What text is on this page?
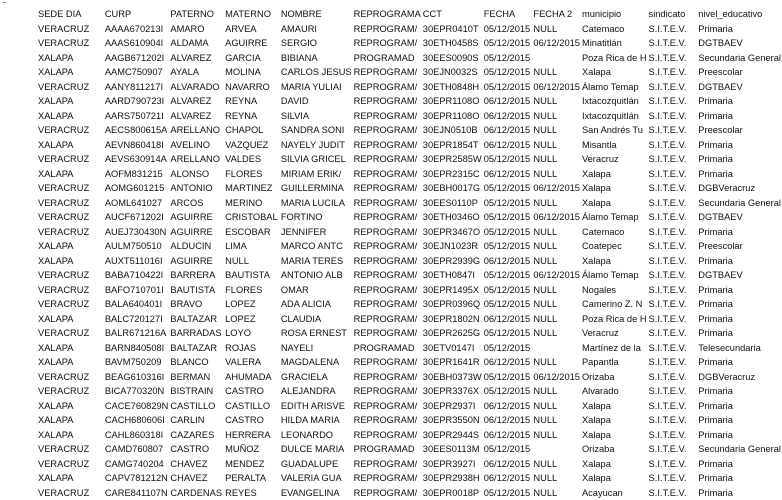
SEDE DIA	CURP	PATERNO	MATERNO	NOMBRE	REPROGRAMA	CCT	FECHA	FECHA 2	municipio	sindicato	nivel_educativo
VERACRUZ	AAAA670213I	AMARO	ARVEA	AMAURI	REPROGRAM/	30EPR0410T	05/12/2015	NULL	Catemaco	S.I.T.E.V.	Primaria
VERACRUZ	AAAS610904I	ALDAMA	AGUIRRE	SERGIO	REPROGRAM/	30ETH0458S	05/12/2015	06/12/2015	Minatitlán	S.I.T.E.V.	DGTBAEV
XALAPA	AAGB671202I	ALVAREZ	GARCIA	BIBIANA	PROGRAMAD	30EES0090S	05/12/2015		Poza Rica de H	S.I.T.E.V.	Secundaria General
XALAPA	AAMC750907	AYALA	MOLINA	CARLOS JESUS	REPROGRAM/	30EJN0032S	05/12/2015	NULL	Xalapa	S.I.T.E.V.	Preescolar
VERACRUZ	AANY811217I	ALVARADO	NAVARRO	MARIA YULIAI	REPROGRAM/	30ETH0848H	05/12/2015	06/12/2015	Álamo Temap	S.I.T.E.V.	DGTBAEV
XALAPA	AARD790723I	ALVAREZ	REYNA	DAVID	REPROGRAM/	30EPR1108O	06/12/2015	NULL	Ixtacozquitlán	S.I.T.E.V.	Primaria
XALAPA	AARS750721I	ALVAREZ	REYNA	SILVIA	REPROGRAM/	30EPR1108O	06/12/2015	NULL	Ixtacozquitlán	S.I.T.E.V.	Primaria
VERACRUZ	AECS800615A	ARELLANO	CHAPOL	SANDRA SONI	REPROGRAM/	30EJN0510B	06/12/2015	NULL	San Andrés Tu	S.I.T.E.V.	Preescolar
XALAPA	AEVN860418I	AVELINO	VAZQUEZ	NAYELY JUDIT	REPROGRAM/	30EPR1854T	06/12/2015	NULL	Misantla	S.I.T.E.V.	Primaria
VERACRUZ	AEVS630914A	ARELLANO	VALDES	SILVIA GRICEL	REPROGRAM/	30EPR2585W	05/12/2015	NULL	Veracruz	S.I.T.E.V.	Primaria
XALAPA	AOFM831215	ALONSO	FLORES	MIRIAM ERIK/	REPROGRAM/	30EPR2315C	06/12/2015	NULL	Xalapa	S.I.T.E.V.	Primaria
VERACRUZ	AOMG601215	ANTONIO	MARTINEZ	GUILLERMINA	REPROGRAM/	30EBH0017G	05/12/2015	06/12/2015	Xalapa	S.I.T.E.V.	DGBVeracruz
VERACRUZ	AOML641027	ARCOS	MERINO	MARIA LUCILA	REPROGRAM/	30EES0110P	05/12/2015	NULL	Xalapa	S.I.T.E.V.	Secundaria General
VERACRUZ	AUCF671202I	AGUIRRE	CRISTOBAL	FORTINO	REPROGRAM/	30ETH0346O	05/12/2015	06/12/2015	Álamo Temap	S.I.T.E.V.	DGTBAEV
VERACRUZ	AUEJ730430N	AGUIRRE	ESCOBAR	JENNIFER	REPROGRAM/	30EPR3467O	05/12/2015	NULL	Catemaco	S.I.T.E.V.	Primaria
XALAPA	AULM750510	ALDUCIN	LIMA	MARCO ANTC	REPROGRAM/	30EJN1023R	05/12/2015	NULL	Coatepec	S.I.T.E.V.	Preescolar
XALAPA	AUXT511016I	AGUIRRE	NULL	MARIA TERES	REPROGRAM/	30EPR2939G	06/12/2015	NULL	Xalapa	S.I.T.E.V.	Primaria
VERACRUZ	BABA710422I	BARRERA	BAUTISTA	ANTONIO ALB	REPROGRAM/	30ETH0847I	05/12/2015	06/12/2015	Álamo Temap	S.I.T.E.V.	DGTBAEV
VERACRUZ	BAFO710701I	BAUTISTA	FLORES	OMAR	REPROGRAM/	30EPR1495X	05/12/2015	NULL	Nogales	S.I.T.E.V.	Primaria
VERACRUZ	BALA640401I	BRAVO	LOPEZ	ADA ALICIA	REPROGRAM/	30EPR0396Q	05/12/2015	NULL	Camerino Z. N	S.I.T.E.V.	Primaria
XALAPA	BALC720127I	BALTAZAR	LOPEZ	CLAUDIA	REPROGRAM/	30EPR1802N	06/12/2015	NULL	Poza Rica de H	S.I.T.E.V.	Primaria
VERACRUZ	BALR671216A	BARRADAS	LOYO	ROSA ERNEST	REPROGRAM/	30EPR2625G	05/12/2015	NULL	Veracruz	S.I.T.E.V.	Primaria
XALAPA	BARN840508I	BALTAZAR	ROJAS	NAYELI	PROGRAMAD	30ETV0147I	05/12/2015		Martínez de la	S.I.T.E.V.	Telesecundaria
XALAPA	BAVM750209	BLANCO	VALERA	MAGDALENA	REPROGRAM/	30EPR1641R	06/12/2015	NULL	Papantla	S.I.T.E.V.	Primaria
VERACRUZ	BEAG610316I	BERMAN	AHUMADA	GRACIELA	REPROGRAM/	30EBH0373W	05/12/2015	06/12/2015	Orizaba	S.I.T.E.V.	DGBVeracruz
VERACRUZ	BICA770320N	BISTRAIN	CASTRO	ALEJANDRA	REPROGRAM/	30EPR3376X	05/12/2015	NULL	Alvarado	S.I.T.E.V.	Primaria
XALAPA	CACE760829N	CASTILLO	CASTILLO	EDITH ARISVE	REPROGRAM/	30EPR2937I	06/12/2015	NULL	Xalapa	S.I.T.E.V.	Primaria
XALAPA	CACH680606I	CARLIN	CASTRO	HILDA MARIA	REPROGRAM/	30EPR3550N	06/12/2015	NULL	Xalapa	S.I.T.E.V.	Primaria
XALAPA	CAHL860318I	CAZARES	HERRERA	LEONARDO	REPROGRAM/	30EPR2944S	06/12/2015	NULL	Xalapa	S.I.T.E.V.	Primaria
VERACRUZ	CAMD760807	CASTRO	MUÑOZ	DULCE MARIA	PROGRAMAD	30EES0113M	05/12/2015		Orizaba	S.I.T.E.V.	Secundaria General
VERACRUZ	CAMG740204	CHAVEZ	MENDEZ	GUADALUPE	REPROGRAM/	30EPR3927I	06/12/2015	NULL	Xalapa	S.I.T.E.V.	Primaria
XALAPA	CAPV781212N	CHAVEZ	PERALTA	VALERIA GUA	REPROGRAM/	30EPR2938H	06/12/2015	NULL	Xalapa	S.I.T.E.V.	Primaria
VERACRUZ	CARE841107N	CARDENAS	REYES	EVANGELINA	REPROGRAM/	30EPR0018P	05/12/2015	NULL	Acayucan	S.I.T.E.V.	Primaria
